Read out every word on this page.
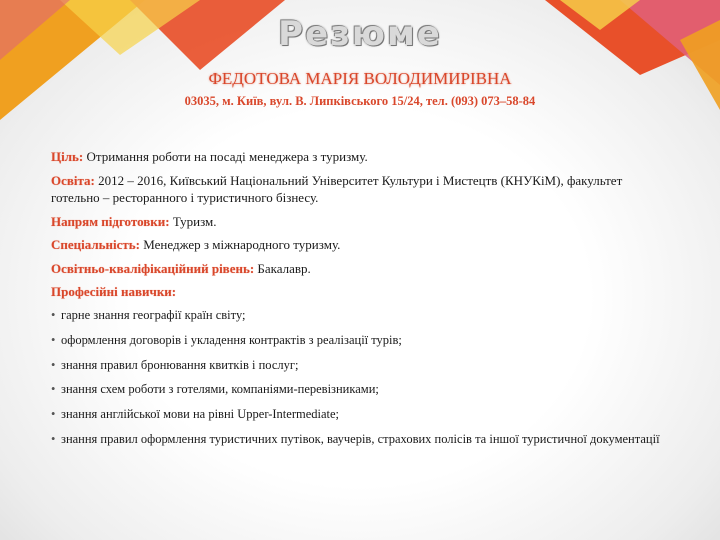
Резюме
ФЕДОТОВА МАРІЯ ВОЛОДИМИРІВНА
03035, м. Київ, вул. В. Липківського 15/24, тел. (093) 073–58-84

Ціль: Отримання роботи на посаді менеджера з туризму.

Освіта: 2012 – 2016, Київський Національний Університет Культури і Мистецтв (КНУКіМ), факультет готельно – ресторанного і туристичного бізнесу.

Напрям підготовки: Туризм.

Спеціальність: Менеджер з міжнародного туризму.

Освітньо-кваліфікаційний рівень: Бакалавр.

Професійні навички:

• гарне знання географії країн світу;
• оформлення договорів і укладення контрактів з реалізації турів;
• знання правил бронювання квитків і послуг;
• знання схем роботи з готелями, компаніями-перевізниками;
• знання англійської мови на рівні Upper-Intermediate;
• знання правил оформлення туристичних путівок, ваучерів, страхових полісів та іншої туристичної документації
